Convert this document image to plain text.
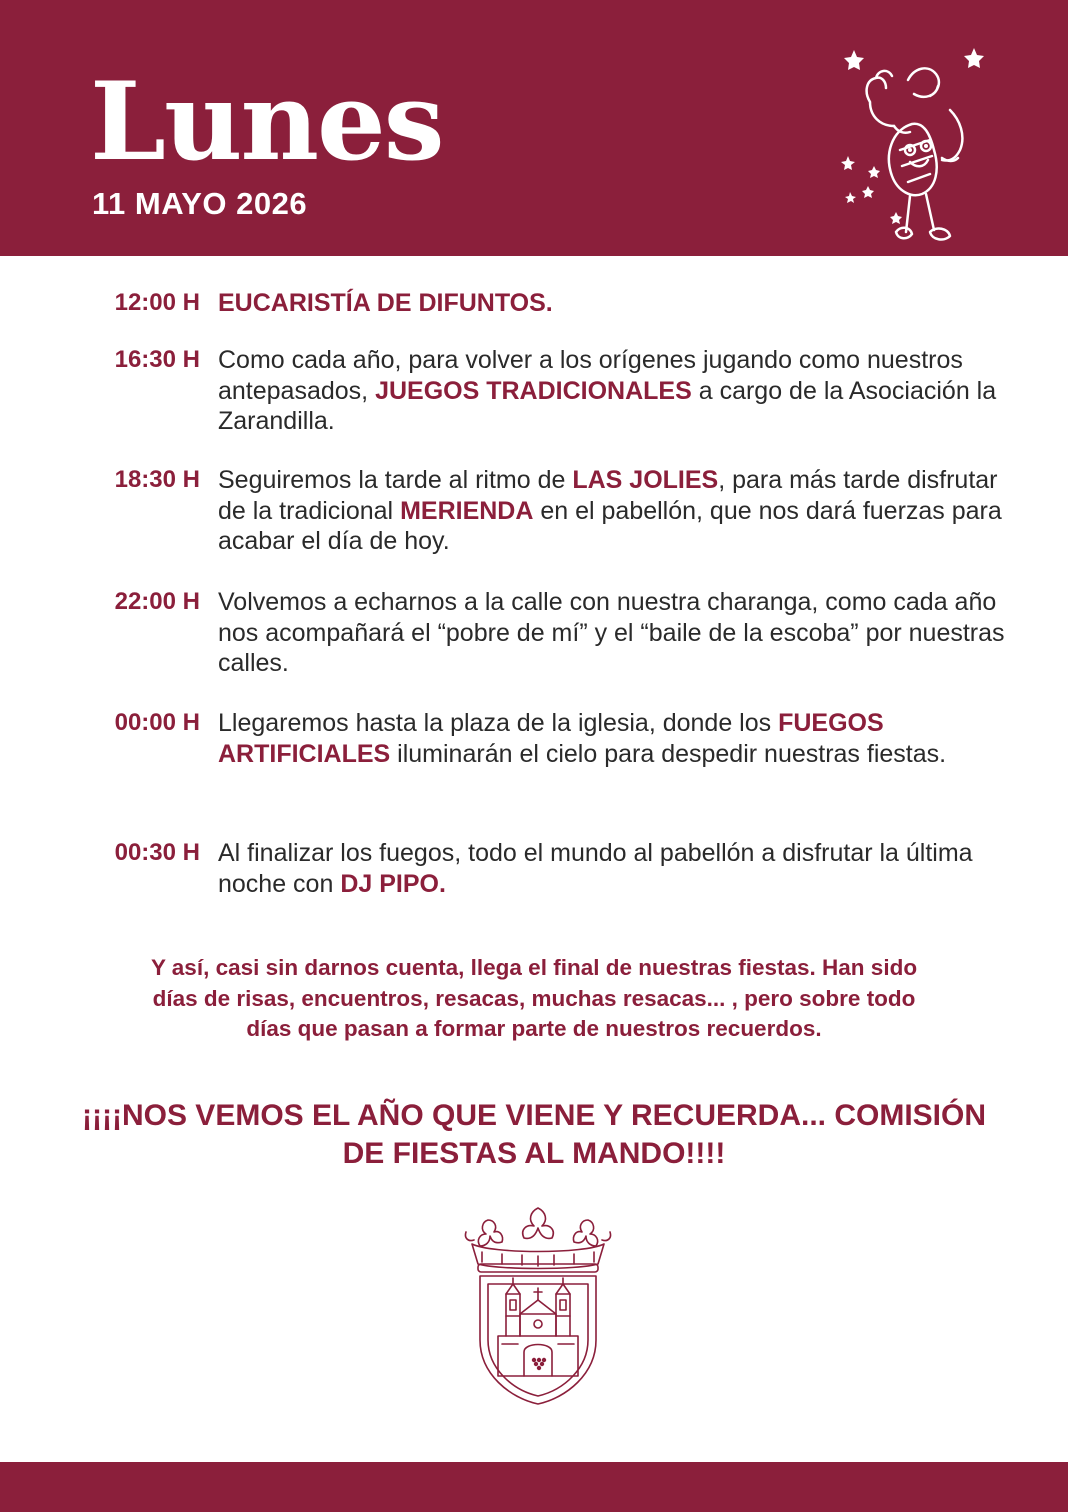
Lunes
11 MAYO 2026
12:00 H EUCARISTÍA DE DIFUNTOS.
16:30 H Como cada año, para volver a los orígenes jugando como nuestros antepasados, JUEGOS TRADICIONALES a cargo de la Asociación la Zarandilla.
18:30 H Seguiremos la tarde al ritmo de LAS JOLIES, para más tarde disfrutar de la tradicional MERIENDA en el pabellón, que nos dará fuerzas para acabar el día de hoy.
22:00 H Volvemos a echarnos a la calle con nuestra charanga, como cada año nos acompañará el “pobre de mí” y el “baile de la escoba” por nuestras calles.
00:00 H Llegaremos hasta la plaza de la iglesia, donde los FUEGOS ARTIFICIALES iluminarán el cielo para despedir nuestras fiestas.
00:30 H Al finalizar los fuegos, todo el mundo al pabellón a disfrutar la última noche con DJ PIPO.
Y así, casi sin darnos cuenta, llega el final de nuestras fiestas. Han sido días de risas, encuentros, resacas, muchas resacas... , pero sobre todo días que pasan a formar parte de nuestros recuerdos.
¡¡¡¡NOS VEMOS EL AÑO QUE VIENE Y RECUERDA... COMISIÓN DE FIESTAS AL MANDO!!!!
